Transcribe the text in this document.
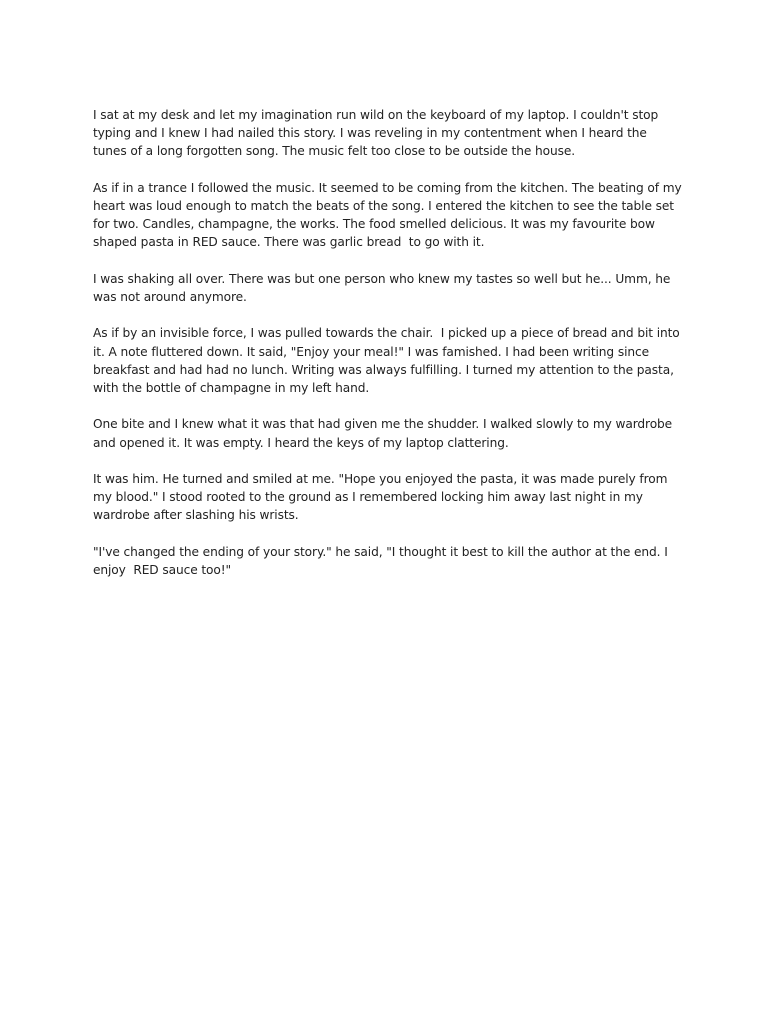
I sat at my desk and let my imagination run wild on the keyboard of my laptop. I couldn't stop typing and I knew I had nailed this story. I was reveling in my contentment when I heard the tunes of a long forgotten song. The music felt too close to be outside the house.

As if in a trance I followed the music. It seemed to be coming from the kitchen. The beating of my heart was loud enough to match the beats of the song. I entered the kitchen to see the table set for two. Candles, champagne, the works. The food smelled delicious. It was my favourite bow shaped pasta in RED sauce. There was garlic bread  to go with it.

I was shaking all over. There was but one person who knew my tastes so well but he... Umm, he was not around anymore.

As if by an invisible force, I was pulled towards the chair.  I picked up a piece of bread and bit into it. A note fluttered down. It said, "Enjoy your meal!" I was famished. I had been writing since breakfast and had had no lunch. Writing was always fulfilling. I turned my attention to the pasta, with the bottle of champagne in my left hand.

One bite and I knew what it was that had given me the shudder. I walked slowly to my wardrobe and opened it. It was empty. I heard the keys of my laptop clattering.

It was him. He turned and smiled at me. "Hope you enjoyed the pasta, it was made purely from my blood." I stood rooted to the ground as I remembered locking him away last night in my wardrobe after slashing his wrists.

"I've changed the ending of your story." he said, "I thought it best to kill the author at the end. I enjoy  RED sauce too!"
